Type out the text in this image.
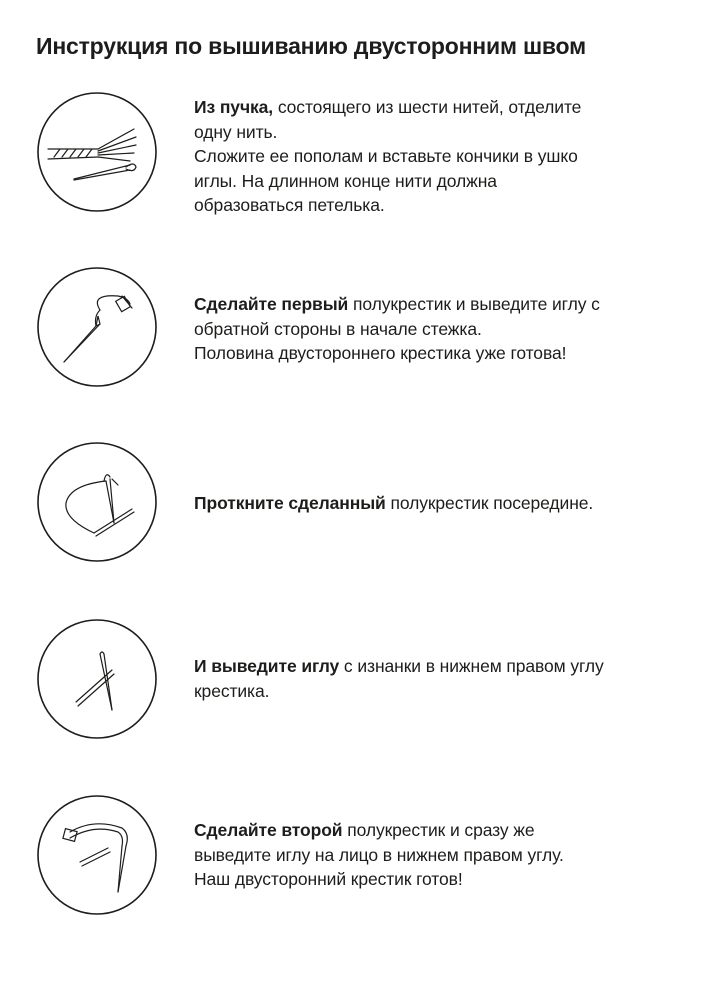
Инструкция по вышиванию двусторонним швом
Из пучка, состоящего из шести нитей, отделите
одну нить.
Сложите ее пополам и вставьте кончики в ушко
иглы. На длинном конце нити должна
образоваться петелька.
Сделайте первый полукрестик и выведите иглу с
обратной стороны в начале стежка.
Половина двустороннего крестика уже готова!
Проткните сделанный полукрестик посередине.
И выведите иглу с изнанки в нижнем правом углу
крестика.
Сделайте второй полукрестик и сразу же
выведите иглу на лицо в нижнем правом углу.
Наш двусторонний крестик готов!
